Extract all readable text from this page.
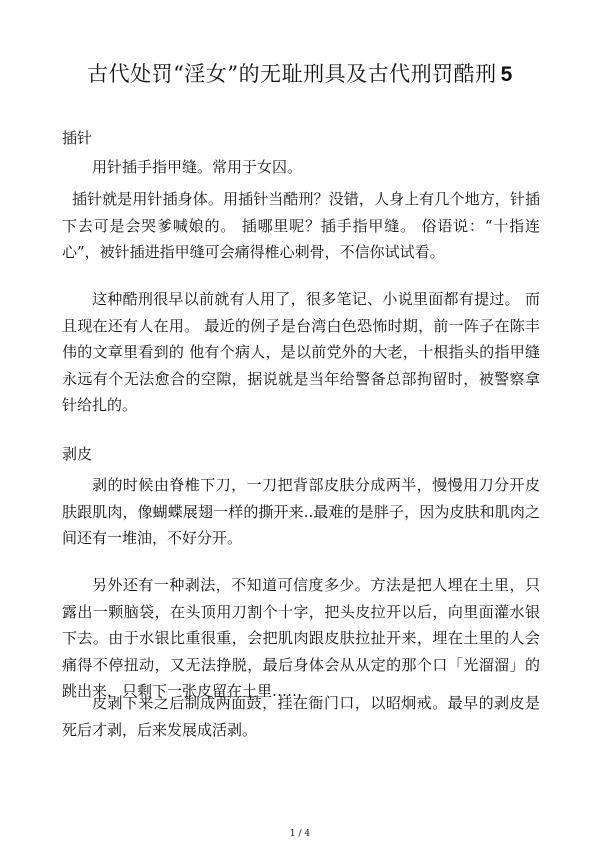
古代处罚“淫女”的无耻刑具及古代刑罚酷刑 5
插针

用针插手指甲缝。常用于女囚。

插针就是用针插身体。用插针当酷刑？没错，人身上有几个地方，针插下去可是会哭爹喊娘的。 插哪里呢？插手指甲缝。 俗语说：“十指连心”，被针插进指甲缝可会痛得椎心刺骨，不信你试试看。

这种酷刑很早以前就有人用了，很多笔记、小说里面都有提过。 而且现在还有人在用。 最近的例子是台湾白色恐怖时期，前一阵子在陈丰伟的文章里看到的 他有个病人，是以前党外的大老，十根指头的指甲缝永远有个无法愈合的空隙，据说就是当年给警备总部拘留时，被警察拿针给扎的。

剥皮

剥的时候由脊椎下刀，一刀把背部皮肤分成两半，慢慢用刀分开皮肤跟肌肉，像蝴蝶展翅一样的撕开来..最难的是胖子，因为皮肤和肌肉之间还有一堆油，不好分开。

另外还有一种剥法，不知道可信度多少。方法是把人埋在土里，只露出一颗脑袋，在头顶用刀割个十字，把头皮拉开以后，向里面灌水银下去。由于水银比重很重，会把肌肉跟皮肤拉扯开来，埋在土里的人会痛得不停扭动，又无法挣脱，最后身体会从从定的那个口「光溜溜」的跳出来，只剩下一张皮留在土里……

皮剥下来之后制成两面鼓，挂在衙门口，以昭炯戒。最早的剥皮是死后才剥，后来发展成活剥。

1 / 4
